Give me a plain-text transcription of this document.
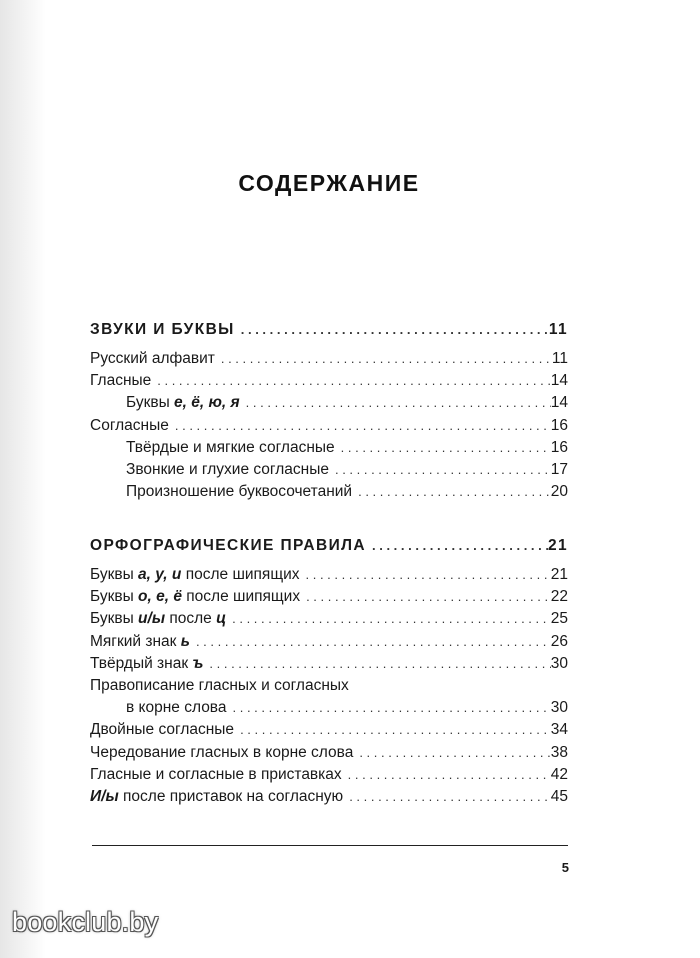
СОДЕРЖАНИЕ
ЗВУКИ И БУКВЫ . . .	11
Русский алфавит . . .	11
Гласные . . .	14
Буквы е, ё, ю, я . . .	14
Согласные . . .	16
Твёрдые и мягкие согласные . . .	16
Звонкие и глухие согласные . . .	17
Произношение буквосочетаний . . .	20
ОРФОГРАФИЧЕСКИЕ ПРАВИЛА . . .	21
Буквы а, у, и после шипящих . . .	21
Буквы о, е, ё после шипящих . . .	22
Буквы и/ы после ц . . .	25
Мягкий знак ь . . .	26
Твёрдый знак ъ . . .	30
Правописание гласных и согласных
в корне слова . . .	30
Двойные согласные . . .	34
Чередование гласных в корне слова . . .	38
Гласные и согласные в приставках . . .	42
И/ы после приставок на согласную . . .	45
5
bookclub.by
